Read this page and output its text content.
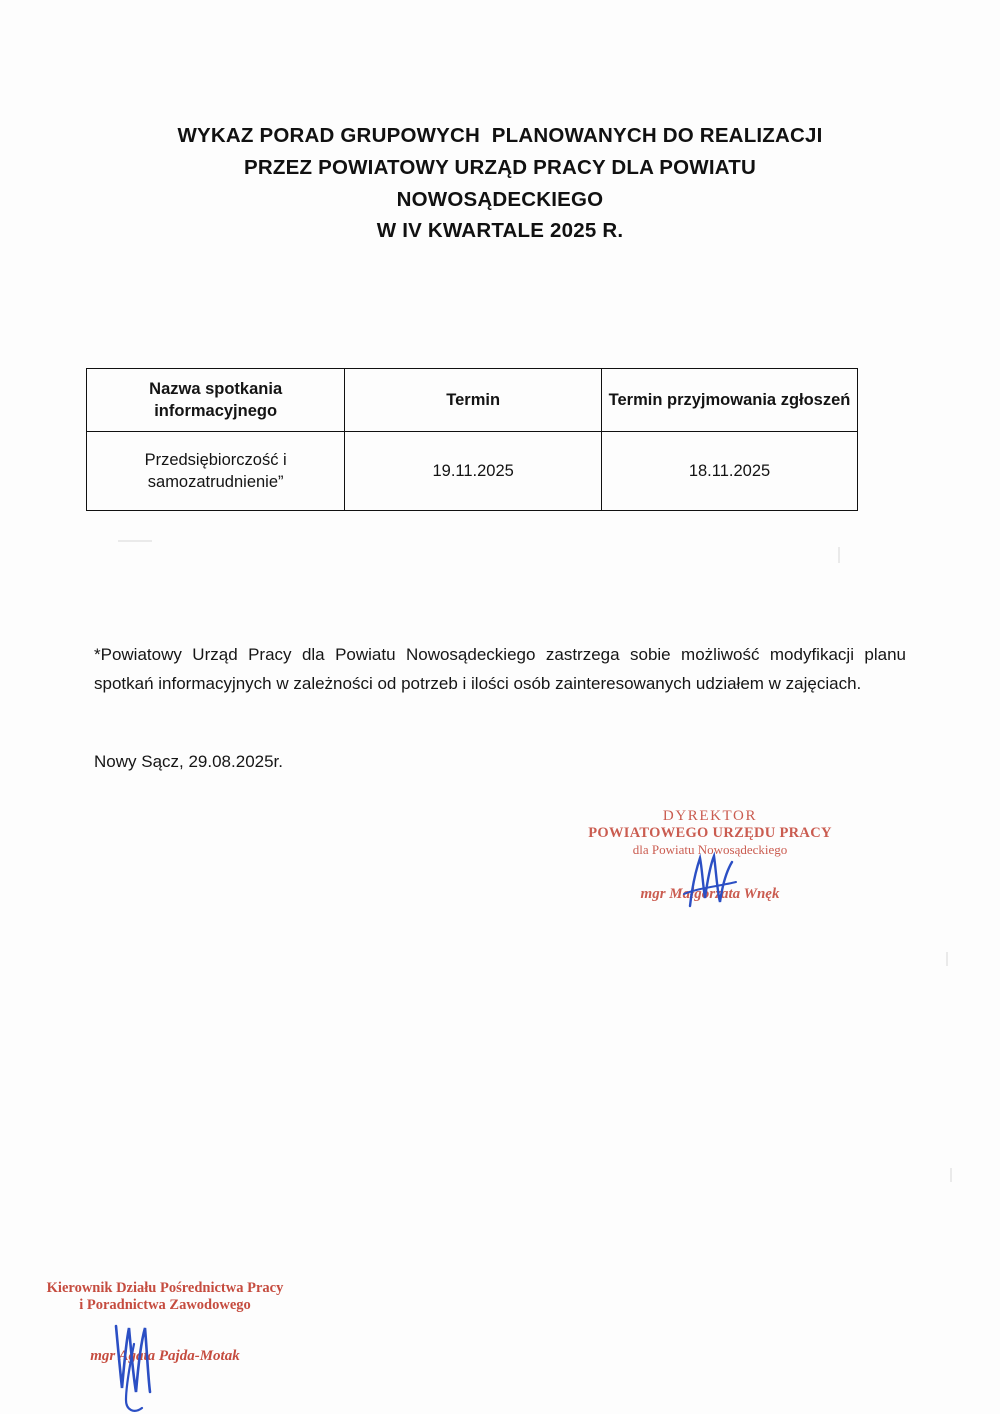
WYKAZ PORAD GRUPOWYCH  PLANOWANYCH DO REALIZACJI
PRZEZ POWIATOWY URZĄD PRACY DLA POWIATU
NOWOSĄDECKIEGO
W IV KWARTALE 2025 R.
Nazwa spotkania informacyjnego	Termin	Termin przyjmowania zgłoszeń
Przedsiębiorczość i samozatrudnienie”	19.11.2025	18.11.2025
*Powiatowy Urząd Pracy dla Powiatu Nowosądeckiego zastrzega sobie możliwość modyfikacji planu spotkań informacyjnych w zależności od potrzeb i ilości osób zainteresowanych udziałem w zajęciach.
Nowy Sącz, 29.08.2025r.
DYREKTOR
POWIATOWEGO URZĘDU PRACY
dla Powiatu Nowosądeckiego
mgr Małgorzata Wnęk
Kierownik Działu Pośrednictwa Pracy
i Poradnictwa Zawodowego
mgr Agata Pajda-Motak
